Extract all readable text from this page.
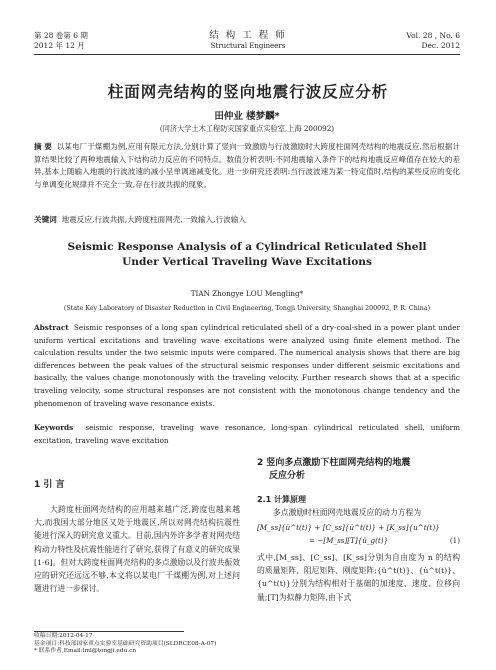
第 28 卷第 6 期
2012 年 12 月
结 构 工 程 师
Structural Engineers
Vol. 28 , No. 6
Dec. 2012
柱面网壳结构的竖向地震行波反应分析
田仲业 楼梦麟*
(同济大学土木工程防灾国家重点实验室,上海 200092)
摘 要 以某电厂干煤棚为例,应用有限元方法,分别计算了竖向一致激励与行波激励时大跨度柱面网壳结构的地震反应,然后根据计算结果比较了两种地震输入下结构动力反应的不同特点。数值分析表明:不同地震输入条件下的结构地震反应峰值存在较大的差异,基本上随输入地震的行波波速的减小呈单调递减变化。进一步研究还表明:当行波波速为某一特定值时,结构的某些反应的变化与单调变化规律并不完全一致,存在行波共振的现象。
关键词 地震反应,行波共振,大跨度柱面网壳,一致输入,行波输入
Seismic Response Analysis of a Cylindrical Reticulated Shell
Under Vertical Traveling Wave Excitations
TIAN Zhongye LOU Mengling*
(State Key Laboratory of Disaster Reduction in Civil Engineering, Tongji University, Shanghai 200092, P. R. China)
Abstract Seismic responses of a long span cylindrical reticulated shell of a dry-coal-shed in a power plant under uniform vertical excitations and traveling wave excitations were analyzed using finite element method. The calculation results under the two seismic inputs were compared. The numerical analysis shows that there are big differences between the peak values of the structural seismic responses under different seismic excitations and basically, the values change monotonously with the traveling velocity. Further research shows that at a specific traveling velocity, some structural responses are not consistent with the monotonous change tendency and the phenomenon of traveling wave resonance exists.
Keywords seismic response, traveling wave resonance, long-span cylindrical reticulated shell, uniform excitation, traveling wave excitation
1 引 言
大跨度柱面网壳结构的应用越来越广泛,跨度也越来越大,而我国大部分地区又处于地震区,所以对网壳结构抗震性能进行深入的研究意义重大。目前,国内外许多学者对网壳结构动力特性及抗震性能进行了研究,获得了有意义的研究成果[1-6]。但对大跨度柱面网壳结构的多点激励以及行波共振效应的研究还远远不够,本文将以某电厂干煤棚为例,对上述问题进行进一步探讨。
2 竖向多点激励下柱面网壳结构的地震
反应分析
2.1 计算原理
多点激励时柱面网壳地震反应的动力方程为
[M_ss]{ü^t(t)} + [C_ss]{u̇^t(t)} + [K_ss]{u^t(t)}
= −[M_ss][T]{ü_g(t)}	(1)
式中,[M_ss]、[C_ss]、[K_ss]分别为自由度为 n 的结构的质量矩阵、阻尼矩阵、刚度矩阵;{ü^t(t)}、{u̇^t(t)}、{u^t(t)}分别为结构相对于基础的加速度、速度、位移向量;[T]为拟静力矩阵,由下式
收稿日期:2012-04-17
基金项目:科技部国家重点实验室基础研究资助项目(SLDRCE08-A-07)
* 联系作者,Email:lml@tongji.edu.cn
